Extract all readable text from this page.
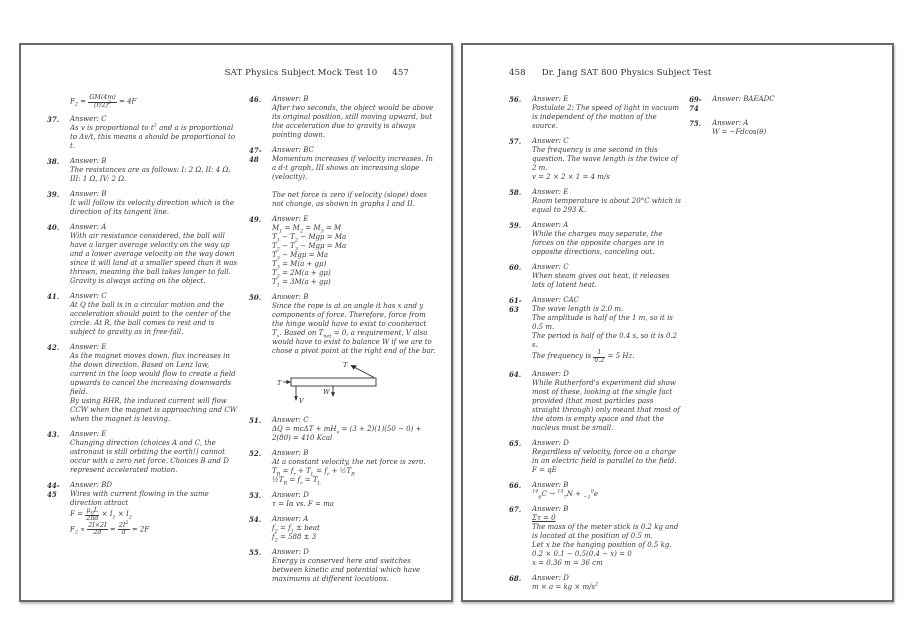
SAT Physics Subject Mock Test 10 457
$F_2 = \frac{GM(4m)}{(r/2)^2} = 4F$
37.	Answer: C
As v is proportional to $t^2$ and a is proportional to Δv/t, this means a should be proportional to t.
38.	Answer: B
The resistances are as follows: I: 2 Ω, II: 4 Ω, III: 1 Ω, IV: 2 Ω.
39.	Answer: B
It will follow its velocity direction which is the direction of its tangent line.
40.	Answer: A
With air resistance considered, the ball will have a larger average velocity on the way up and a lower average velocity on the way down since it will land at a smaller speed than it was thrown, meaning the ball takes longer to fall. Gravity is always acting on the object.
41.	Answer: C
At Q the ball is in a circular motion and the acceleration should point to the center of the circle. At R, the ball comes to rest and is subject to gravity as in free-fall.
42.	Answer: E
As the magnet moves down, flux increases in the down direction. Based on Lenz law, current in the loop would flow to create a field upwards to cancel the increasing downwards field.
By using RHR, the induced current will flow CCW when the magnet is approaching and CW when the magnet is leaving.
43.	Answer: E
Changing direction (choices A and C, the astronaut is still orbiting the earth!) cannot occur with a zero net force. Choices B and D represent accelerated motion.
44-
45
Answer: BD
Wires with current flowing in the same direction attract
$F = \frac{\mu_0L}{2\pi d} \times I_1 \times I_2$
$F_2 \propto \frac{2I\times 2I}{2d} = \frac{2I^2}{d} = 2F$
46.	Answer: B
After two seconds, the object would be above its original position, still moving upward, but the acceleration due to gravity is always pointing down.
47-
48
Answer: BC
Momentum increases if velocity increases. In a d-t graph, III shows an increasing slope (velocity).
The net force is zero if velocity (slope) does not change, as shown in graphs I and II.
49.	Answer: E
$M_1 = M_2 = M_3 = M$
$T_1 - T_2 - Mg\mu = Ma$
$T_2 - T_3 - Mg\mu = Ma$
$T_3 - Mg\mu = Ma$
$T_3 = M(a + g\mu)$
$T_2 = 2M(a + g\mu)$
$T_1 = 3M(a + g\mu)$
50.	Answer: B
Since the rope is at an angle it has x and y components of force. Therefore, force from the hinge would have to exist to counteract $T_x$. Based on $T_{net} = 0$, a requirement, V also would have to exist to balance W if we are to chose a pivot point at the right end of the bar.
T
T
W
V
51.	Answer: C
$\Delta Q = mc\Delta T + mH_v = (3 + 2)(1)(50 - 0) + 2(80) = 410$ Kcal
52.	Answer: B
At a constant velocity, the net force is zero.
$T_R = f_r + T_L = f_r$ + $\frac{1}{2}T_R$
$\frac{1}{2}T_R = f_r = T_L$
53.	Answer: D
τ = Iα vs. F = ma
54.	Answer: A
$f_2 = f_1$ ± beat
$f_2 = 588 \pm 3$
55.	Answer: D
Energy is conserved here and switches between kinetic and potential which have maximums at different locations.
458 Dr. Jang SAT 800 Physics Subject Test
56.	Answer: E
Postulate 2: The speed of light in vacuum is independent of the motion of the source.
57.	Answer: C
The frequency is one second in this question. The wave length is the twice of 2 m.
v = 2 × 2 × 1 = 4 m/s
58.	Answer: E
Room temperature is about 20°C which is equal to 293 K.
59.	Answer: A
While the charges may separate, the forces on the opposite charges are in opposite directions, canceling out.
60.	Answer: C
When steam gives out heat, it releases lots of latent heat.
61-
63
Answer: CAC
The wave length is 2.0 m.
The amplitude is half of the 1 m, so it is 0.5 m.
The period is half of the 0.4 s, so it is 0.2 s.
The frequency is $\frac{1}{0.2} = 5$ Hz.
64.	Answer: D
While Rutherford's experiment did show most of these, looking at the single fact provided (that most particles pass straight through) only meant that most of the atom is empty space and that the nucleus must be small.
65.	Answer: D
Regardless of velocity, force on a charge in an electric field is parallel to the field.
F = qE
66.	Answer: B
$^{14}_6$C → $^{14}_7$N + $_{-1}^0$e
67.	Answer: B
Στ = 0
The mass of the meter stick is 0.2 kg and is located at the position of 0.5 m.
Let x be the hanging position of 0.5 kg.
0.2 × 0.1 − 0.5(0.4 − x) = 0
x = 0.36 m = 36 cm
68.	Answer: D
m × a = kg × $m/s^2$
69-
74
Answer: BAEADC
75.	Answer: A
W = −Fdcos(θ)
